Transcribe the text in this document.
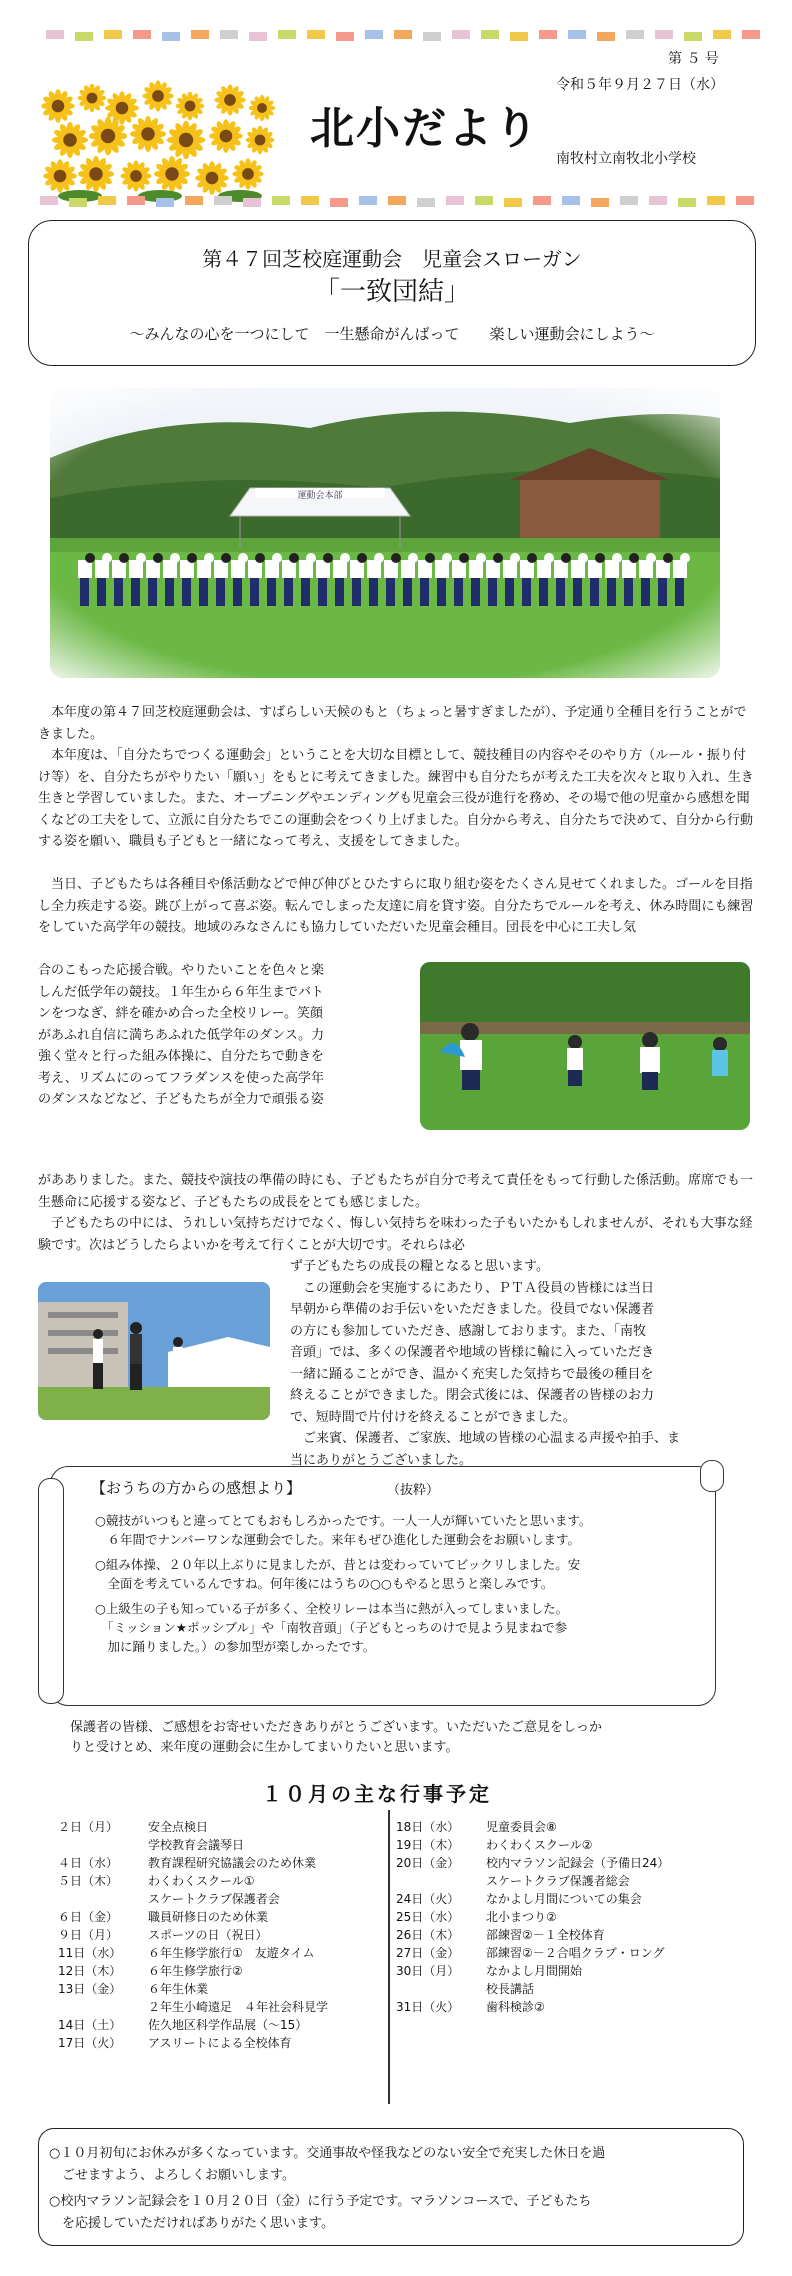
北小だより
第 ５ 号
令和５年９月２７日（水）
南牧村立南牧北小学校
第４７回芝校庭運動会　児童会スローガン
「一致団結」
～みんなの心を一つにして　一生懸命がんばって　　楽しい運動会にしよう～
　本年度の第４７回芝校庭運動会は、すばらしい天候のもと（ちょっと暑すぎましたが）、予定通り全種目を行うことができました。
　本年度は、「自分たちでつくる運動会」ということを大切な目標として、競技種目の内容やそのやり方（ルール・振り付け等）を、自分たちがやりたい「願い」をもとに考えてきました。練習中も自分たちが考えた工夫を次々と取り入れ、生き生きと学習していました。また、オープニングやエンディングも児童会三役が進行を務め、その場で他の児童から感想を聞くなどの工夫をして、立派に自分たちでこの運動会をつくり上げました。自分から考え、自分たちで決めて、自分から行動する姿を願い、職員も子どもと一緒になって考え、支援をしてきました。
　当日、子どもたちは各種目や係活動などで伸び伸びとひたすらに取り組む姿をたくさん見せてくれました。ゴールを目指し全力疾走する姿。跳び上がって喜ぶ姿。転んでしまった友達に肩を貸す姿。自分たちでルールを考え、休み時間にも練習をしていた高学年の競技。地域のみなさんにも協力していただいた児童会種目。団長を中心に工夫し気
合のこもった応援合戦。やりたいことを色々と楽
しんだ低学年の競技。１年生から６年生までバト
ンをつなぎ、絆を確かめ合った全校リレー。笑顔
があふれ自信に満ちあふれた低学年のダンス。力
強く堂々と行った組み体操に、自分たちで動きを
考え、リズムにのってフラダンスを使った高学年
のダンスなどなど、子どもたちが全力で頑張る姿
があありました。また、競技や演技の準備の時にも、子どもたちが自分で考えて責任をもって行動した係活動。席席でも一生懸命に応援する姿など、子どもたちの成長をとても感じました。
　子どもたちの中には、うれしい気持ちだけでなく、悔しい気持ちを味わった子もいたかもしれませんが、それも大事な経験です。次はどうしたらよいかを考えて行くことが大切です。それらは必
ず子どもたちの成長の糧となると思います。
　この運動会を実施するにあたり、ＰＴＡ役員の皆様には当日
早朝から準備のお手伝いをいただきました。役員でない保護者
の方にも参加していただき、感謝しております。また、「南牧
音頭」では、多くの保護者や地域の皆様に輪に入っていただき
一緒に踊ることができ、温かく充実した気持ちで最後の種目を
終えることができました。閉会式後には、保護者の皆様のお力
で、短時間で片付けを終えることができました。
　ご来賓、保護者、ご家族、地域の皆様の心温まる声援や拍手、ま
当にありがとうございました。
【おうちの方からの感想より】	（抜粋）
○競技がいつもと違ってとてもおもしろかったです。一人一人が輝いていたと思います。
　６年間でナンバーワンな運動会でした。来年もぜひ進化した運動会をお願いします。
○組み体操、２０年以上ぶりに見ましたが、昔とは変わっていてビックリしました。安
　全面を考えているんですね。何年後にはうちの○○もやると思うと楽しみです。
○上級生の子も知っている子が多く、全校リレーは本当に熱が入ってしまいました。
　「ミッション★ポッシブル」や「南牧音頭」（子どもとっちのけで見よう見まねで参
　加に踊りました。）の参加型が楽しかったです。
保護者の皆様、ご感想をお寄せいただきありがとうございます。いただいたご意見をしっか
りと受けとめ、来年度の運動会に生かしてまいりたいと思います。
１０月の主な行事予定
２日（月） 安全点検日
学校教育会議琴日
４日（水） 教育課程研究協議会のため休業
５日（木） わくわくスクール①
スケートクラブ保護者会
６日（金） 職員研修日のため休業
９日（月） スポーツの日（祝日）
11日（水） ６年生修学旅行①　友遊タイム
12日（木） ６年生修学旅行②
13日（金） ６年生休業
２年生小崎遠足　４年社会科見学
14日（土） 佐久地区科学作品展（～15）
17日（火） アスリートによる全校体育
18日（水） 児童委員会⑧
19日（木） わくわくスクール②
20日（金） 校内マラソン記録会（予備日24）
スケートクラブ保護者総会
24日（火） なかよし月間についての集会
25日（水） 北小まつり②
26日（木） 部練習②－１全校体育
27日（金） 部練習②－２合唱クラブ・ロング
30日（月） なかよし月間開始
校長講話
31日（火） 歯科検診②
○１０月初旬にお休みが多くなっています。交通事故や怪我などのない安全で充実した休日を過
　ごせますよう、よろしくお願いします。
○校内マラソン記録会を１０月２０日（金）に行う予定です。マラソンコースで、子どもたち
　を応援していただければありがたく思います。
